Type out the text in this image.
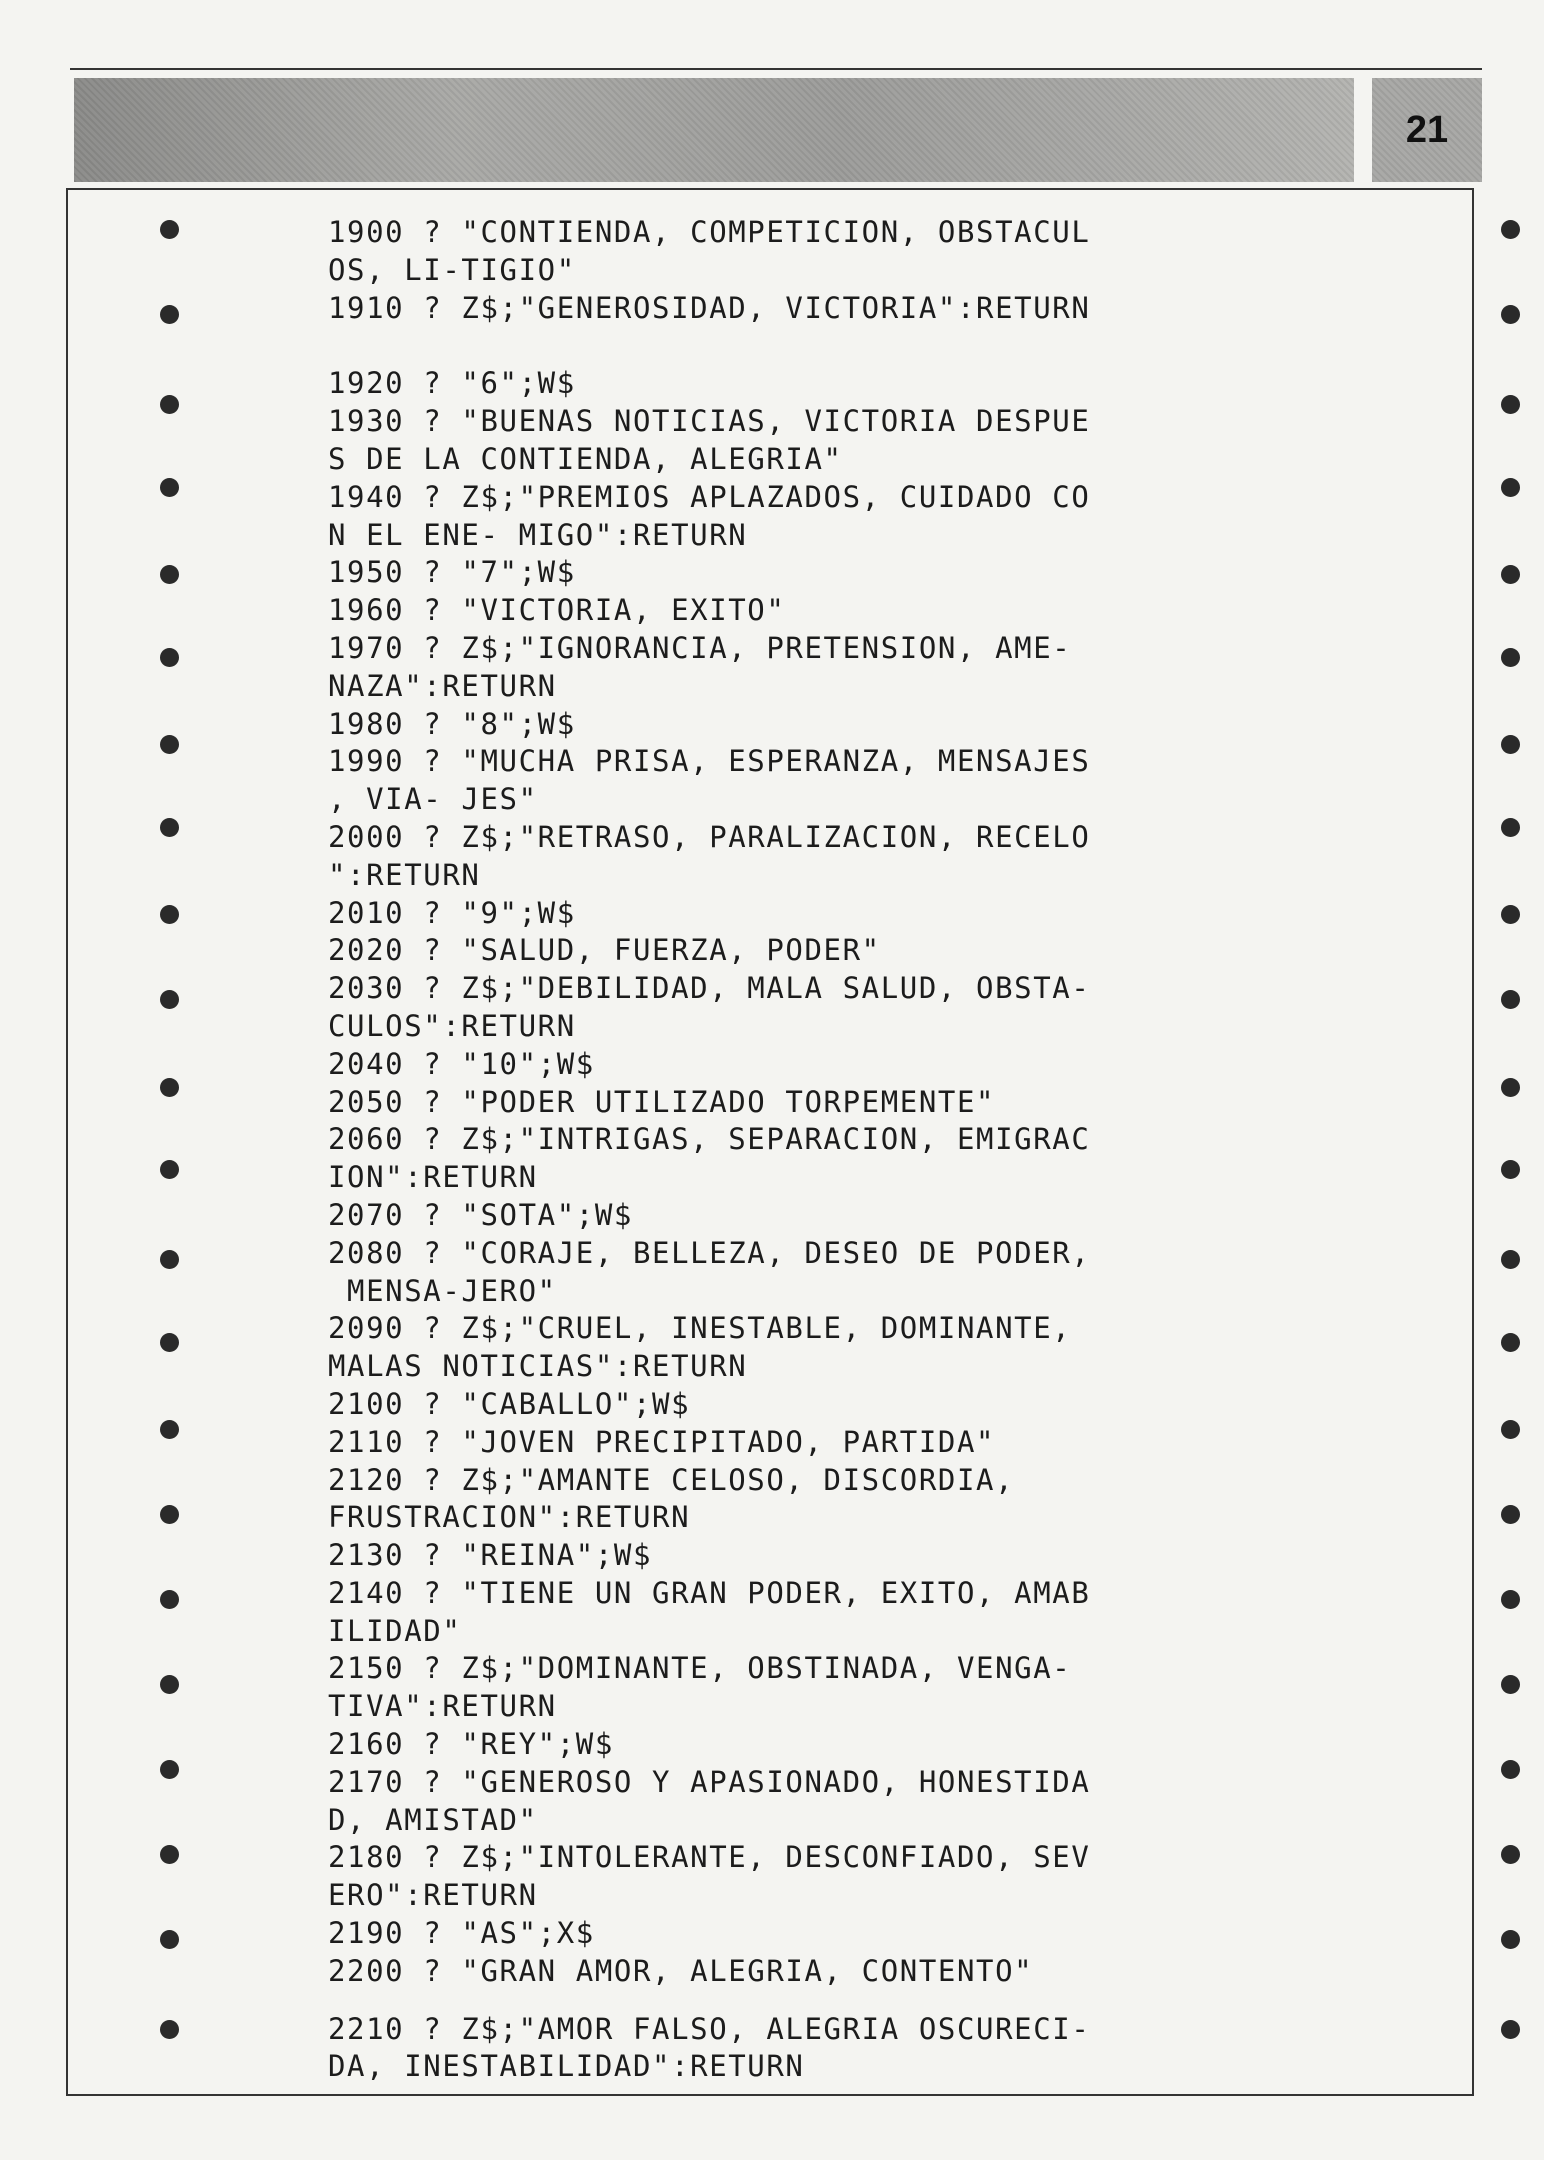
21
1900 ? "CONTIENDA, COMPETICION, OBSTACUL
OS, LI-TIGIO"
1910 ? Z$;"GENEROSIDAD, VICTORIA":RETURN
1920 ? "6";W$
1930 ? "BUENAS NOTICIAS, VICTORIA DESPUE
S DE LA CONTIENDA, ALEGRIA"
1940 ? Z$;"PREMIOS APLAZADOS, CUIDADO CO
N EL ENE- MIGO":RETURN
1950 ? "7";W$
1960 ? "VICTORIA, EXITO"
1970 ? Z$;"IGNORANCIA, PRETENSION, AME-
NAZA":RETURN
1980 ? "8";W$
1990 ? "MUCHA PRISA, ESPERANZA, MENSAJES
, VIA- JES"
2000 ? Z$;"RETRASO, PARALIZACION, RECELO
":RETURN
2010 ? "9";W$
2020 ? "SALUD, FUERZA, PODER"
2030 ? Z$;"DEBILIDAD, MALA SALUD, OBSTA-
CULOS":RETURN
2040 ? "10";W$
2050 ? "PODER UTILIZADO TORPEMENTE"
2060 ? Z$;"INTRIGAS, SEPARACION, EMIGRAC
ION":RETURN
2070 ? "SOTA";W$
2080 ? "CORAJE, BELLEZA, DESEO DE PODER,
MENSA-JERO"
2090 ? Z$;"CRUEL, INESTABLE, DOMINANTE,
MALAS NOTICIAS":RETURN
2100 ? "CABALLO";W$
2110 ? "JOVEN PRECIPITADO, PARTIDA"
2120 ? Z$;"AMANTE CELOSO, DISCORDIA,
FRUSTRACION":RETURN
2130 ? "REINA";W$
2140 ? "TIENE UN GRAN PODER, EXITO, AMAB
ILIDAD"
2150 ? Z$;"DOMINANTE, OBSTINADA, VENGA-
TIVA":RETURN
2160 ? "REY";W$
2170 ? "GENEROSO Y APASIONADO, HONESTIDA
D, AMISTAD"
2180 ? Z$;"INTOLERANTE, DESCONFIADO, SEV
ERO":RETURN
2190 ? "AS";X$
2200 ? "GRAN AMOR, ALEGRIA, CONTENTO"
2210 ? Z$;"AMOR FALSO, ALEGRIA OSCURECI-
DA, INESTABILIDAD":RETURN
